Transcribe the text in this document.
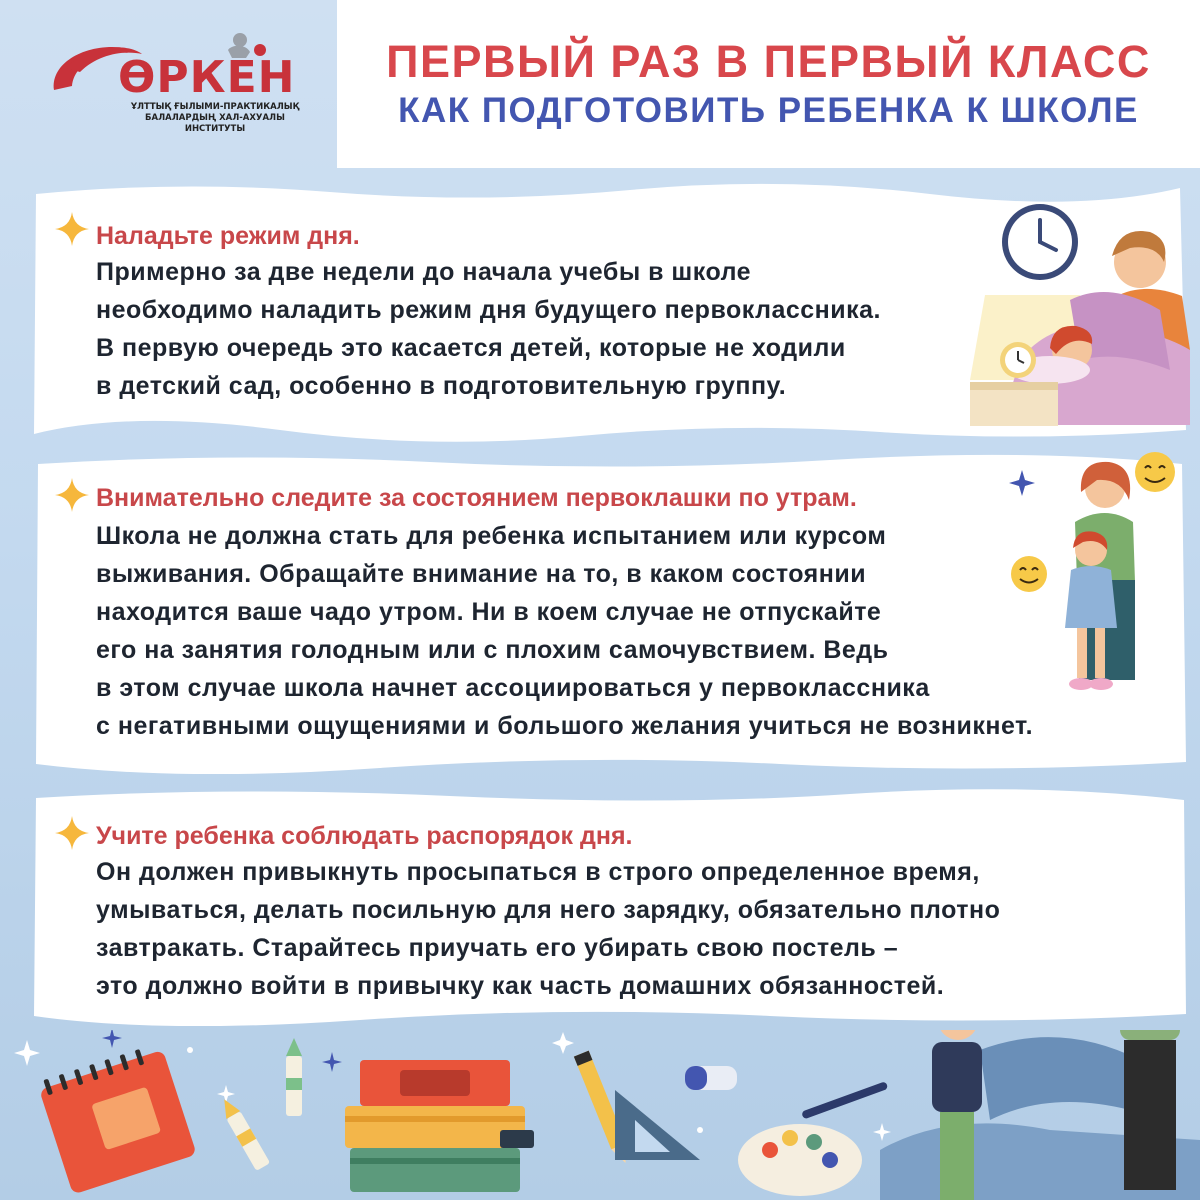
ӨРКЕН
ҰЛТТЫҚ ҒЫЛЫМИ-ПРАКТИКАЛЫҚ
БАЛАЛАРДЫҢ ХАЛ-АХУАЛЫ ИНСТИТУТЫ
ПЕРВЫЙ РАЗ В ПЕРВЫЙ КЛАСС
КАК ПОДГОТОВИТЬ РЕБЕНКА К ШКОЛЕ
Наладьте режим дня.
Примерно за две недели до начала учебы в школе
необходимо наладить режим дня будущего первоклассника.
В первую очередь это касается детей, которые не ходили
в детский сад, особенно в подготовительную группу.
Внимательно следите за состоянием первоклашки по утрам.
Школа не должна стать для ребенка испытанием или курсом
выживания. Обращайте внимание на то, в каком состоянии
находится ваше чадо утром. Ни в коем случае не отпускайте
его на занятия голодным или с плохим самочувствием. Ведь
в этом случае школа начнет ассоциироваться у первоклассника
с негативными ощущениями и большого желания учиться не возникнет.
Учите ребенка соблюдать распорядок дня.
Он должен привыкнуть просыпаться в строго определенное время,
умываться, делать посильную для него зарядку, обязательно плотно
завтракать. Старайтесь приучать его убирать свою постель –
это должно войти в привычку как часть домашних обязанностей.
